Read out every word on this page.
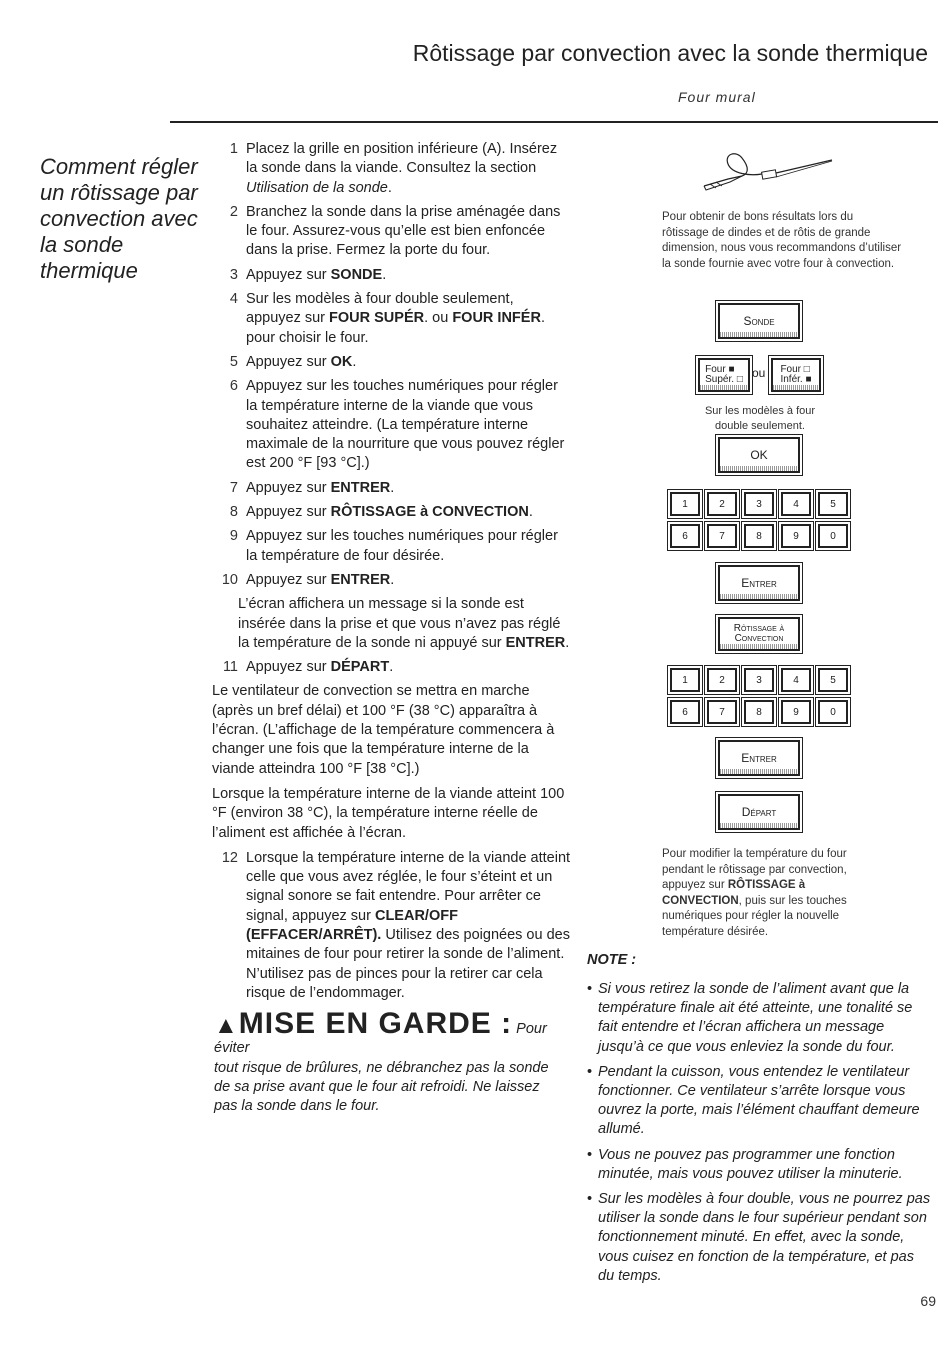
Rôtissage par convection avec la sonde thermique
Four mural
Comment régler un rôtissage par convection avec la sonde thermique
1 Placez la grille en position inférieure (A). Insérez la sonde dans la viande. Consultez la section Utilisation de la sonde.
2 Branchez la sonde dans la prise aménagée dans le four. Assurez-vous qu’elle est bien enfoncée dans la prise. Fermez la porte du four.
3 Appuyez sur SONDE.
4 Sur les modèles à four double seulement, appuyez sur FOUR SUPÉR. ou FOUR INFÉR. pour choisir le four.
5 Appuyez sur OK.
6 Appuyez sur les touches numériques pour régler la température interne de la viande que vous souhaitez atteindre. (La température interne maximale de la nourriture que vous pouvez régler est 200 °F [93 °C].)
7 Appuyez sur ENTRER.
8 Appuyez sur RÔTISSAGE à CONVECTION.
9 Appuyez sur les touches numériques pour régler la température de four désirée.
10 Appuyez sur ENTRER.
L’écran affichera un message si la sonde est insérée dans la prise et que vous n’avez pas réglé la température de la sonde ni appuyé sur ENTRER.
11 Appuyez sur DÉPART.

Le ventilateur de convection se mettra en marche (après un bref délai) et 100 °F (38 °C) apparaîtra à l’écran. (L’affichage de la température commencera à changer une fois que la température interne de la viande atteindra 100 °F [38 °C].)

Lorsque la température interne de la viande atteint 100 °F (environ 38 °C), la température interne réelle de l’aliment est affichée à l’écran.

12 Lorsque la température interne de la viande atteint celle que vous avez réglée, le four s’éteint et un signal sonore se fait entendre. Pour arrêter ce signal, appuyez sur CLEAR/OFF (EFFACER/ARRÊT). Utilisez des poignées ou des mitaines de four pour retirer la sonde de l’aliment. N’utilisez pas de pinces pour la retirer car cela risque de l’endommager.
▲MISE EN GARDE : Pour éviter
tout risque de brûlures, ne débranchez pas la sonde de sa prise avant que le four ait refroidi. Ne laissez pas la sonde dans le four.
Pour obtenir de bons résultats lors du rôtissage de dindes et de rôtis de grande dimension, nous vous recommandons d’utiliser la sonde fournie avec votre four à convection.
Sonde
Four ■
Supér. □ ou Four □
Infér. ■
Sur les modèles à four double seulement.
OK
1	2	3	4	5
6	7	8	9	0
Entrer
Rôtissage à
Convection
1	2	3	4	5
6	7	8	9	0
Entrer
Départ
Pour modifier la température du four pendant le rôtissage par convection, appuyez sur RÔTISSAGE à CONVECTION, puis sur les touches numériques pour régler la nouvelle température désirée.
NOTE :
• Si vous retirez la sonde de l’aliment avant que la température finale ait été atteinte, une tonalité se fait entendre et l’écran affichera un message jusqu’à ce que vous enleviez la sonde du four.
• Pendant la cuisson, vous entendez le ventilateur fonctionner. Ce ventilateur s’arrête lorsque vous ouvrez la porte, mais l’élément chauffant demeure allumé.
• Vous ne pouvez pas programmer une fonction minutée, mais vous pouvez utiliser la minuterie.
• Sur les modèles à four double, vous ne pourrez pas utiliser la sonde dans le four supérieur pendant son fonctionnement minuté. En effet, avec la sonde, vous cuisez en fonction de la température, et pas du temps.
69
